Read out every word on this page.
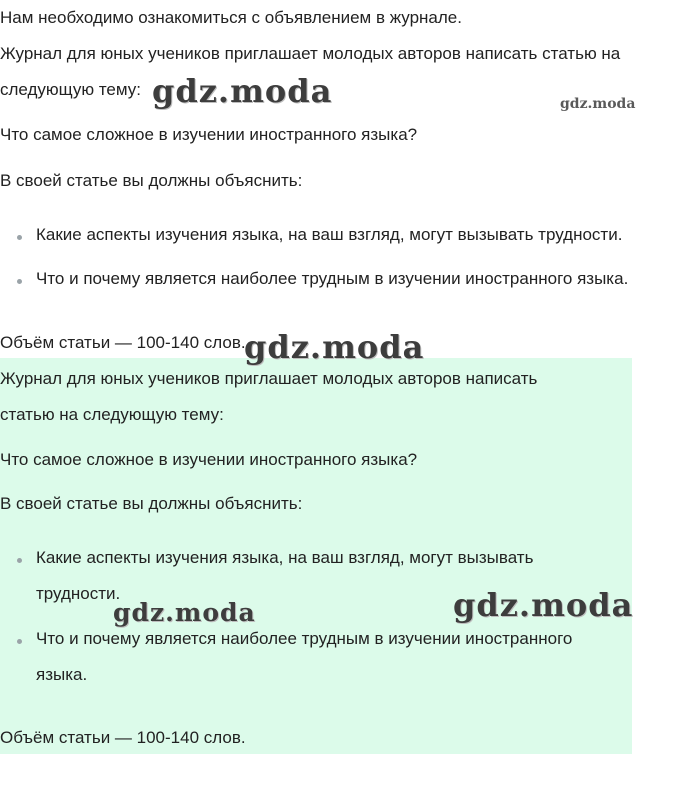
Нам необходимо ознакомиться с объявлением в журнале.
Журнал для юных учеников приглашает молодых авторов написать статью на
следующую тему:
Что самое сложное в изучении иностранного языка?
В своей статье вы должны объяснить:
Какие аспекты изучения языка, на ваш взгляд, могут вызывать трудности.
Что и почему является наиболее трудным в изучении иностранного языка.
Объём статьи — 100-140 слов.
Журнал для юных учеников приглашает молодых авторов написать
статью на следующую тему:
Что самое сложное в изучении иностранного языка?
В своей статье вы должны объяснить:
Какие аспекты изучения языка, на ваш взгляд, могут вызывать
трудности.
Что и почему является наиболее трудным в изучении иностранного
языка.
Объём статьи — 100-140 слов.
gdz.moda	gdz.moda
gdz.moda
gdz.moda	gdz.moda
